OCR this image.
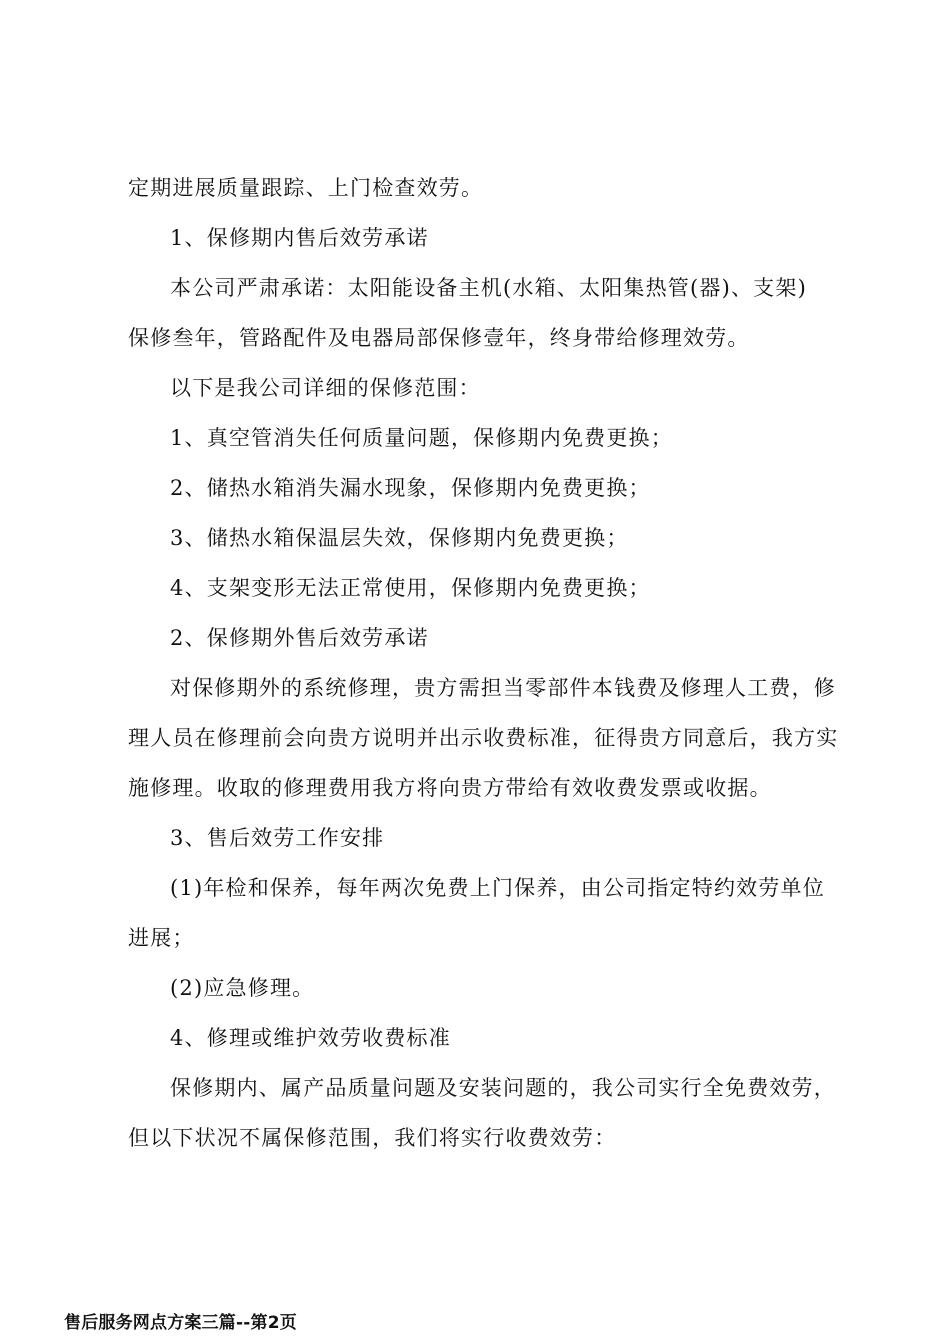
定期进展质量跟踪、上门检查效劳。
1、保修期内售后效劳承诺
本公司严肃承诺：太阳能设备主机(水箱、太阳集热管(器)、支架)
保修叁年，管路配件及电器局部保修壹年，终身带给修理效劳。
以下是我公司详细的保修范围：
1、真空管消失任何质量问题，保修期内免费更换；
2、储热水箱消失漏水现象，保修期内免费更换；
3、储热水箱保温层失效，保修期内免费更换；
4、支架变形无法正常使用，保修期内免费更换；
2、保修期外售后效劳承诺
对保修期外的系统修理，贵方需担当零部件本钱费及修理人工费，修
理人员在修理前会向贵方说明并出示收费标准，征得贵方同意后，我方实
施修理。收取的修理费用我方将向贵方带给有效收费发票或收据。
3、售后效劳工作安排
(1)年检和保养，每年两次免费上门保养，由公司指定特约效劳单位
进展；
(2)应急修理。
4、修理或维护效劳收费标准
保修期内、属产品质量问题及安装问题的，我公司实行全免费效劳，
但以下状况不属保修范围，我们将实行收费效劳：
售后服务网点方案三篇--第2页
